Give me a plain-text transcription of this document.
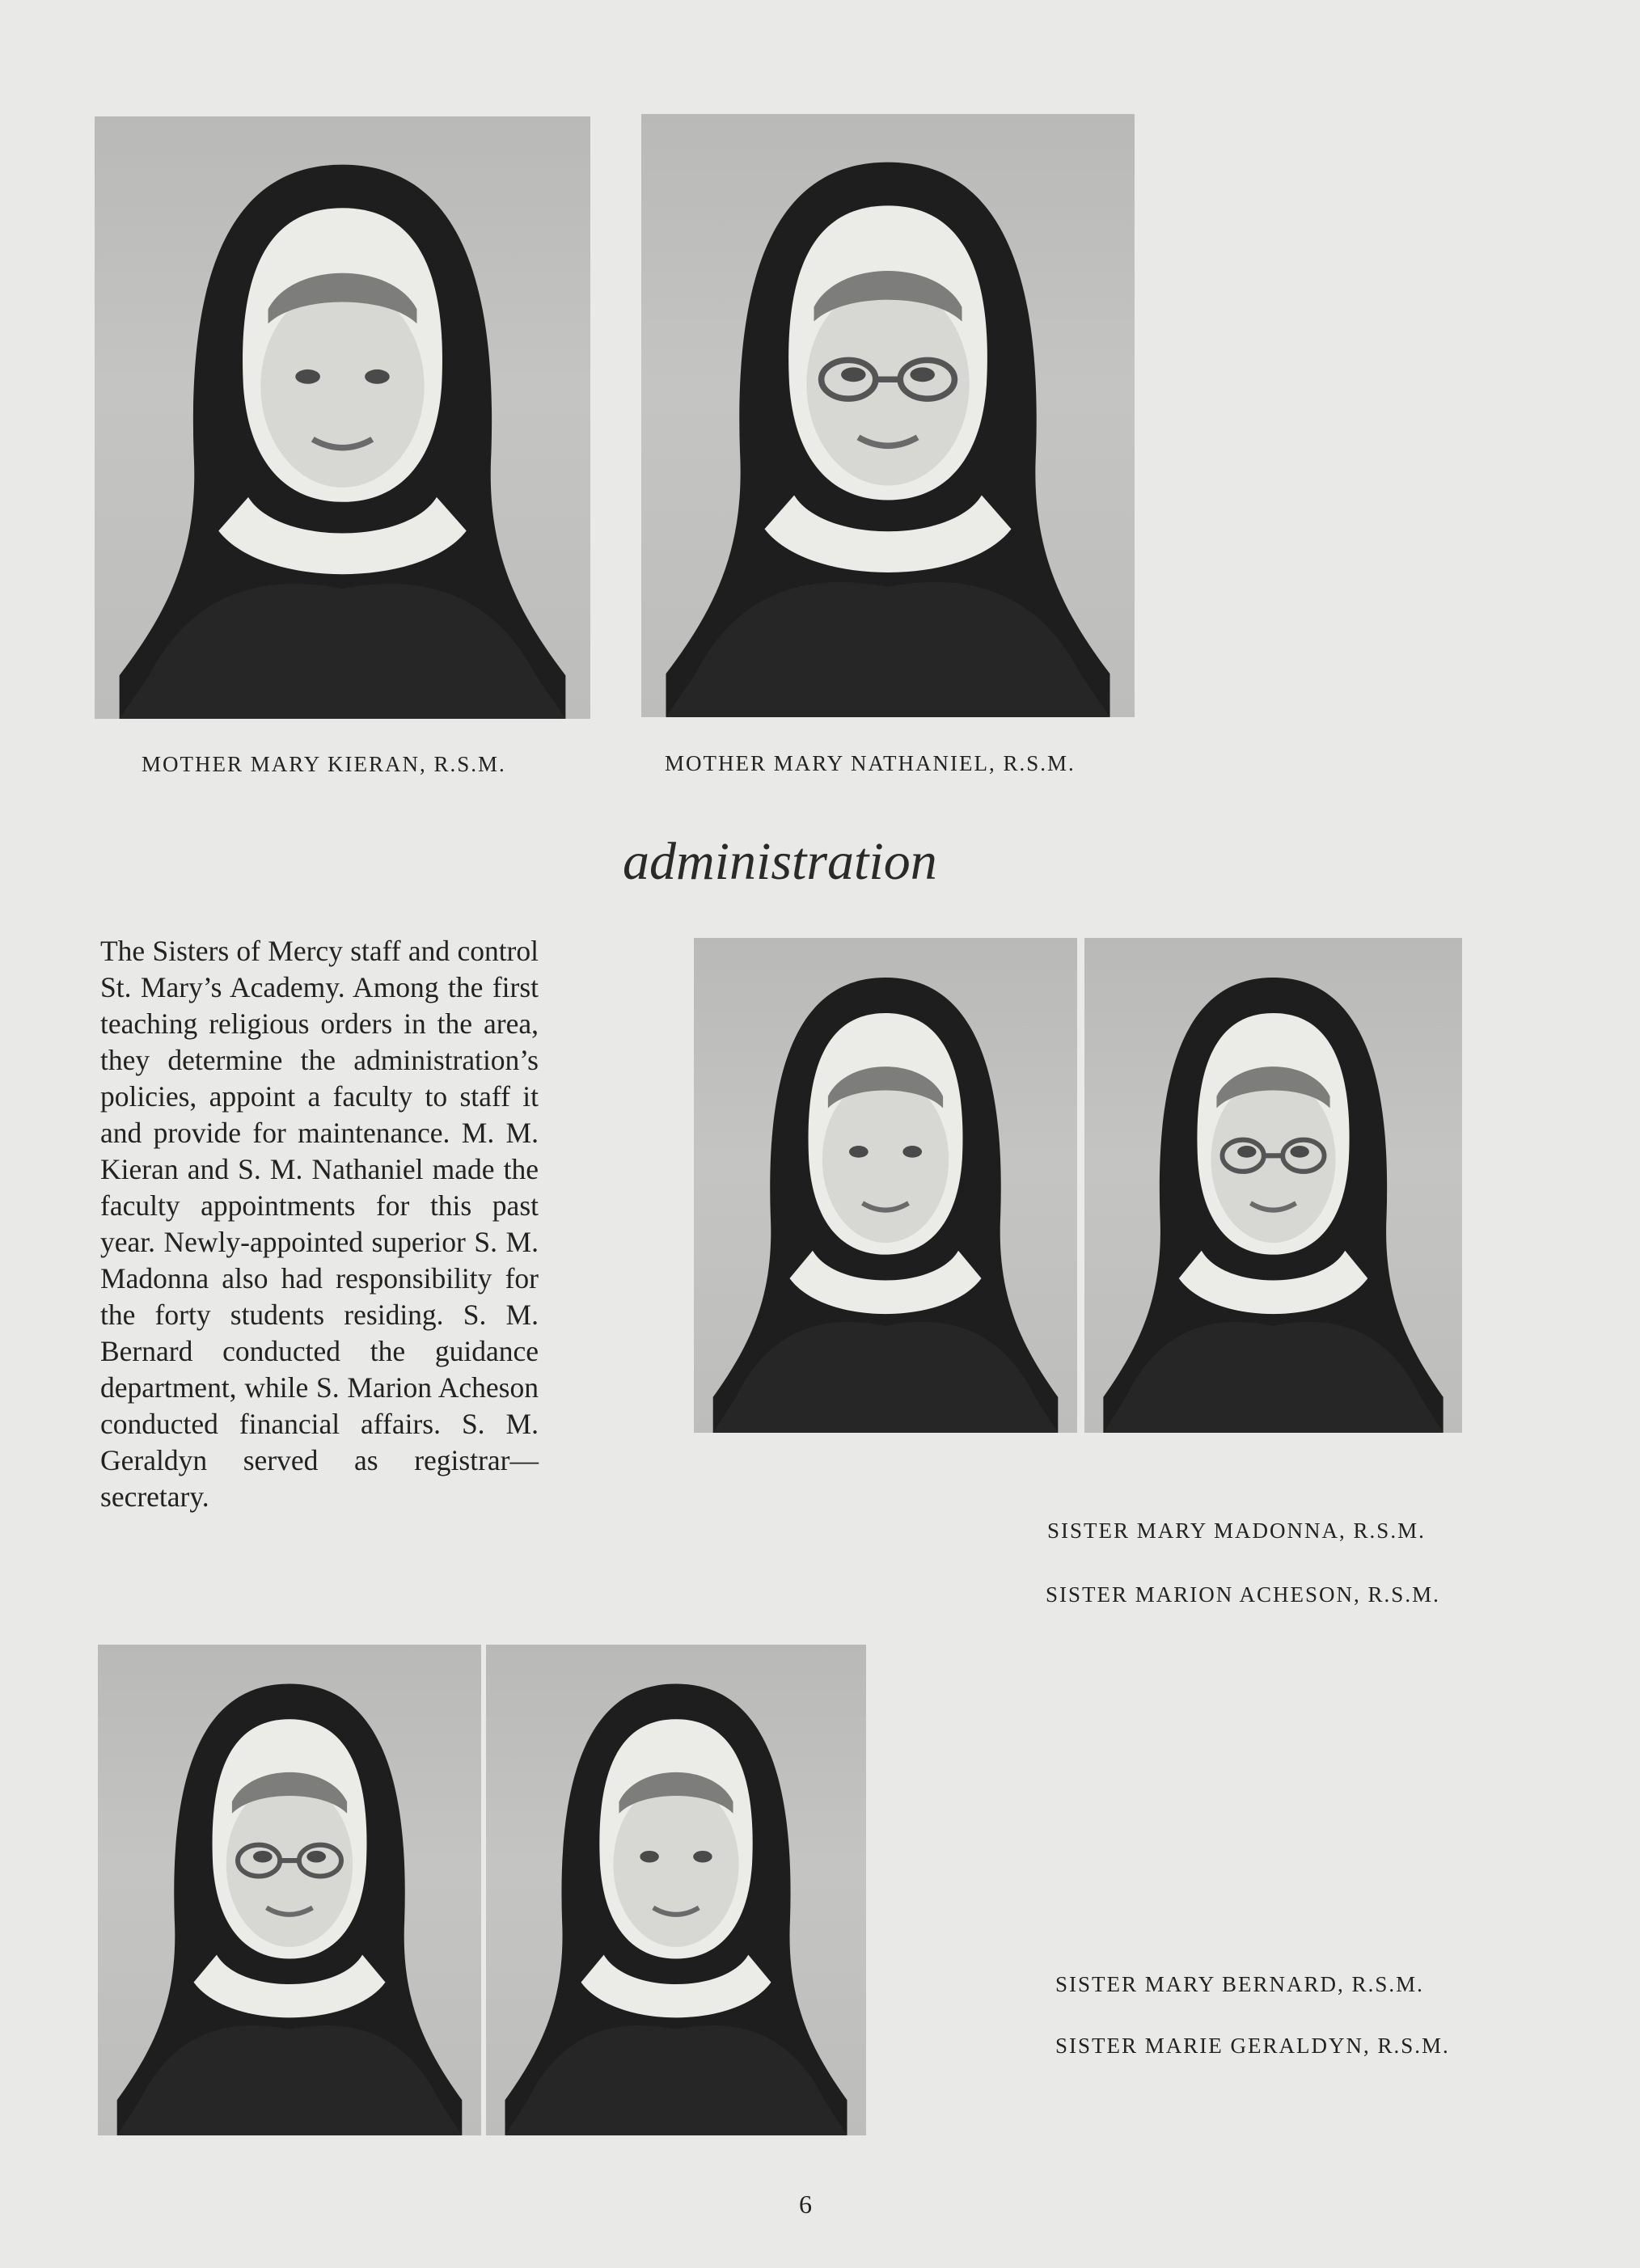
MOTHER MARY KIERAN, R.S.M.	MOTHER MARY NATHANIEL, R.S.M.
administration

The Sisters of Mercy staff and control St. Mary’s Academy. Among the first teaching religious orders in the area, they determine the administration’s policies, appoint a faculty to staff it and provide for maintenance. M. M. Kieran and S. M. Nathaniel made the faculty appointments for this past year. Newly-appointed superior S. M. Madonna also had responsibility for the forty students residing. S. M. Bernard conducted the guidance department, while S. Marion Acheson conducted financial affairs. S. M. Geraldyn served as registrar—secretary.

SISTER MARY MADONNA, R.S.M.
SISTER MARION ACHESON, R.S.M.
SISTER MARY BERNARD, R.S.M.
SISTER MARIE GERALDYN, R.S.M.
6
